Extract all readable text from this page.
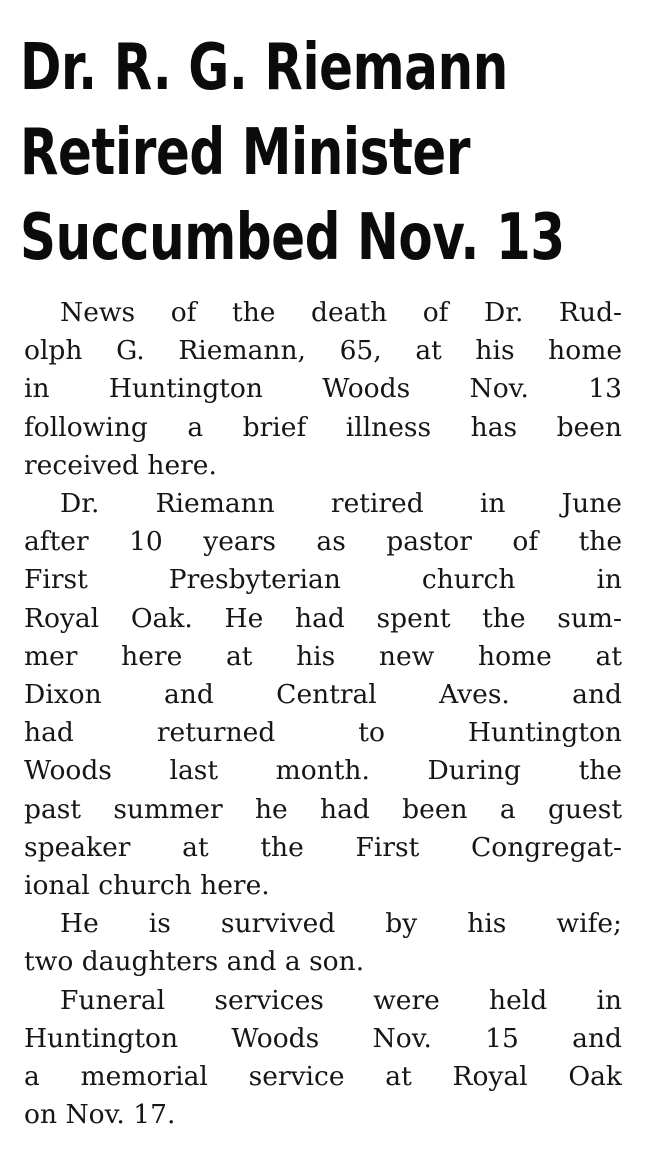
Dr. R. G. Riemann
Retired Minister
Succumbed Nov. 13
News of the death of Dr. Rud-
olph G. Riemann, 65, at his home
in Huntington Woods Nov. 13
following a brief illness has been
received here.
Dr. Riemann retired in June
after 10 years as pastor of the
First Presbyterian church in
Royal Oak. He had spent the sum-
mer here at his new home at
Dixon and Central Aves. and
had returned to Huntington
Woods last month. During the
past summer he had been a guest
speaker at the First Congregat-
ional church here.
He is survived by his wife;
two daughters and a son.
Funeral services were held in
Huntington Woods Nov. 15 and
a memorial service at Royal Oak
on Nov. 17.
